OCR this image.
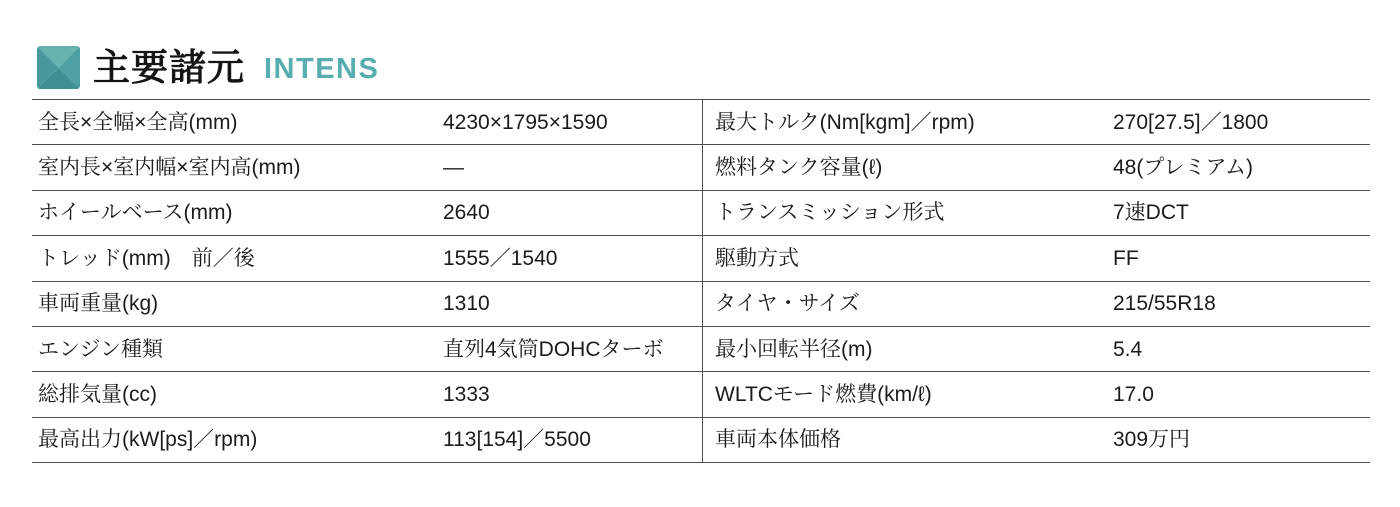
主要諸元 INTENS
全長×全幅×全高(mm)	4230×1795×1590	最大トルク(Nm[kgm]／rpm)	270[27.5]／1800
室内長×室内幅×室内高(mm)	—	燃料タンク容量(ℓ)	48(プレミアム)
ホイールベース(mm)	2640	トランスミッション形式	7速DCT
トレッド(mm)　前／後	1555／1540	駆動方式	FF
車両重量(kg)	1310	タイヤ・サイズ	215/55R18
エンジン種類	直列4気筒DOHCターボ	最小回転半径(m)	5.4
総排気量(cc)	1333	WLTCモード燃費(km/ℓ)	17.0
最高出力(kW[ps]／rpm)	113[154]／5500	車両本体価格	309万円
